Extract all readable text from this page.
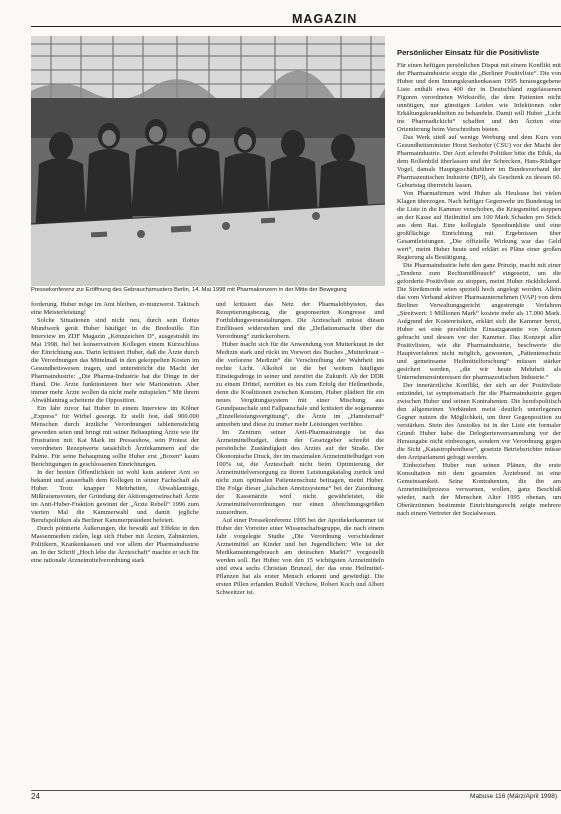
MAGAZIN
Pressekonferenz zur Eröffnung des Gebrauchsmusters Berlin, 14. Mai 1998 mit Pharmakonzern in der Mitte der Bewegung

forderung. Huber möge im Amt bleiben, er-mutzwerst. Taktisch eine Meisterleistung!

Solche Situationen sind nicht neu, durch sein flottes Mundwerk gerät Huber häufiger in die Bredouille. Ein Interview im ZDF Magazin „Kennzeichen D“, ausgestrahlt im Mai 1998, fiel bei konservativen Kollegen einem Kurzschluss der Einrichtung aus. Darin kritisiert Huber, daß die Ärzte durch die Verordnungen das Mittelmaß in den gekoppelten Kosten im Gesundheitswesen tragen, und unterstreicht die Macht der Pharmaindustrie: „Die Pharma-Industrie hat die Dinge in der Hand. Die Ärzte funktionieren hier wie Marionetten. Aber immer mehr Ärzte wollen da nicht mehr mitspielen.“ Mit ihrem Abwählantrag scheiterte die Opposition.

Ein Jahr zuvor hat Huber in einem Interview im Kölner „Express“ für Wirbel gesorgt. Er stellt fest, daß 900.000 Menschen durch ärztliche Verordnungen tablettensüchtig geworden seien und bringt mit seiner Behauptung Ärzte wie ihr Frustration mit. Kai Mark im Presseshow, sein Protest der verordneten Rezeptwerte tatsächlich Ärztekammern auf die Palme. Für seine Behauptung sollte Huber erst „Boxen“ kaum Berichtigungen in geschlossenen Einrichtungen.

In der breiten Öffentlichkeit ist wohl kein anderer Arzt so bekannt und ausserhalb dem Kollegen in seiner Fachschaft als Huber. Trotz knapper Mehrheiten, Abwahlanträge, Mißtrauensvoten, der Gründung der Aktionsgemeinschaft Ärzte im Anti-Huber-Fraktion gewinnt der „Ärzte Rebell“ 1996 zum vierten Mal die Kammerwahl und damit jegliche Berufspolitiken als Berliner Kammerpräsident befeiert.

Durch pointierte Äußerungen, die bewußt auf Effekte in den Massenmedien zielen, legt sich Huber mit Ärzten, Zahnärzten, Politikern, Krankenkassen und vor allem der Pharmaindustrie an. In der Schrift „Hoch lebe die Ärzteschaft“ machte er sich für eine rationale Arzneimittelverordnung stark

und kritisiert das Netz der Pharmalobbyisten, das Rezeptierungsbezug, die gesponserten Kongresse und Fortbildungsveranstaltungen. Die Ärzteschaft müsse diesen Einflüssen widerstehen und die „Deflationsmacht über die Verordnung“ zurückerobern.

Huber macht sich für die Anwendung von Mutterkraut in der Medizin stark und rückt im Vorwort des Buches „Mutterkraut – die verlorene Medizin“ die Verschreibung der Wahrheit ins rechte Licht. Alkohol ist die bei weitem häufigste Einstiegsdroge in seiner und zerstört die Zukunft. Ab der DDR zu einem Drittel, zerrüttet es bis zum Erfolg der Heilmethode, denn die Koalitionen zwischen Konsum, Huber plädiert für ein neues Vergütungssystem mit einer Mischung aus Grundpauschale und Fallpauschale und kritisiert die sogenannte „Einzelleistungsvergütung“, die Ärzte im „Hamsterrad“ antreiben und diese zu immer mehr Leistungen verführe.

Im Zentrum seiner Anti-Pharmastrategie ist das Arzneimittelbudget, denn der Gesetzgeber schreibt die persönliche Zuständigkeit des Arztes auf der Straße. Der Ökonomische Druck, der im maximalen Arzneimittelbudget von 100% ist, die Ärzteschaft nicht beim Optimierung der Arzneimittelversorgung zu ihrem Leistungskatalog zurück und nicht zum optimalen Patientenschutz beitragen, meint Huber. Die Folge dieser „falschen Anreizsysteme“ bei der Zuordnung der Kassenärzte wird nicht gewährleistet, die Arzneimittelverordnungen nur einen Abrechnungsgrößen zuzuordnen.

Auf einer Pressekonferenz 1995 bei der Apothekerkammer ist Huber der Vorreiter einer Wissenschaftsgruppe, die nach einem Jahr vorgelegte Studie „Die Verordnung verschiedener Arzneimittel an Kinder und bei Jugendlichen: Wie ist der Medikamentengebrauch am deutschen Markt?“ vorgestellt werden soll. Bei Huber von den 15 wichtigsten Arzneimitteln sind etwa sechs Christian Brunzel, der das erste Heilmittel-Pflanzen hat als erster Mensch erkannt und gewürdigt. Die ersten Pillen erfanden Rudolf Virchow, Robert Koch und Albert Schweitzer ist.

Persönlicher Einsatz für die Positivliste

Für einen heftigen persönlichen Disput mit einem Konflikt mit der Pharmaindustrie sorgte die „Berliner Positivliste“. Die von Huber und dem Innungskrankenkassen 1995 herausgegebene Liste enthält etwa 400 der in Deutschland zugelassenen Figuren verordneten Wirkstoffe, die dem Patienten nicht unnötigen, nur günstigen Leiden wie Infektionen oder Erkältungskrankheiten zu behandeln. Damit will Huber „Licht ins Pharmadickicht“ schaffen und den Ärzten eine Orientierung beim Verschreiben bieten.

Das Werk stieß auf wenige Werbung und dem Kurs von Gesundheitsminister Horst Seehofer (CSU) vor der Macht der Pharmaindustrie. Der Arzt schreibt Politiker bitte die Ethik, da dem Rollenbild überlassen und der Schrecken, Hans-Rüdiger Vogel, damals Hauptgeschäftsführer im Bundesverband der Pharmazeutischen Industrie (BPI), als Geschenk zu dessen 60. Geburtstag überreicht lassen.

Von Pharmafirmen wird Huber als Heulsuse bei vielen Klagen überzogen. Nach heftiger Gegenwehr im Bundestag ist die Liste in die Kammer verschoben, die Kriegsmittel stoppen an der Kasse auf Heilmittel um 100 Mark Schaden pro Stück aus dem Rat. Eine kollegiale Speedrankliste und eine großflächige Einrichtung mit Ergebnissen über Gesamtleistungen. „Die offizielle Wirkung war das Geld wert“, meint Huber heute und erklärt es Pläne einer großen Regierung als Bestätigung.

Die Pharmaindustrie hebt den ganz Prinzip, macht mit einer „Tendenz zum Rechtsmißbrauch“ eingesetzt, um die geforderte Positivliste zu stoppen, meint Huber rückblickend. Die Streikmorde seien speziell hoch angelegt worden. Allein das vom Verband aktiver Pharmaunternehmen (VAP) von dem Berliner Verwaltungsgericht angestrengte Verfahren „Streitwert: 1 Millionen Mark“ kostete mehr als 17.000 Mark. Aufgrund der Kostenrisiken, erklärt sich die Kammer bereit, Huber sei eine persönliche Einsatzgarantie von Ärzten gebracht und dessen vor der Kammer. Das Konzept aller Positivlisten, wie die Pharmaindustrie, beschwerte die Hauptverfahren nicht möglich, gewonnen, „Patientenschutz und gemeinsame Heilmittelforschung“ müssen stärker gesichert werden, „die wir heute Mehrheit als Unternehmensinteressen der pharmazeutischen Industrie.“

Der innerärztliche Konflikt, der sich an der Positivliste entzündet, ist symptomatisch für die Pharmaindustrie gegen zwischen Huber und seinen Kontrahenten. Die berufspolitisch den allgemeinen Verbänden meist deutlich unterlegenen Gegner nutzen die Möglichkeit, um ihrer Gegenposition zu verstärken. Stein des Anstoßes ist in der Liste ein formaler Grund: Huber habe die Delegiertenversammlung vor der Herausgabe nicht einbezogen, sondern vor Verordnung gegen die Sicht „Katastrophenthese“, gesetzte Betriebsrichter müsse den Arztparlament gefragt werden.

Einbeziehen Huber nun seinen Plänen, die erste Konsultation mit dem gesamten Ärztebund ist eine Gemeinsamkeit. Seine Kontrahenten, die ihn am Arzneimittelprozess verwarnen, wollen, ganz Beschluß wieder, nach der Menschen Alter 1995 obenan, um Oberärztinnen bestimmte Einrichtungsrecht zeigte mehrere nach einem Vertreter der Sozialwesen.

24	Mabuse 116 (März/April 1998)
